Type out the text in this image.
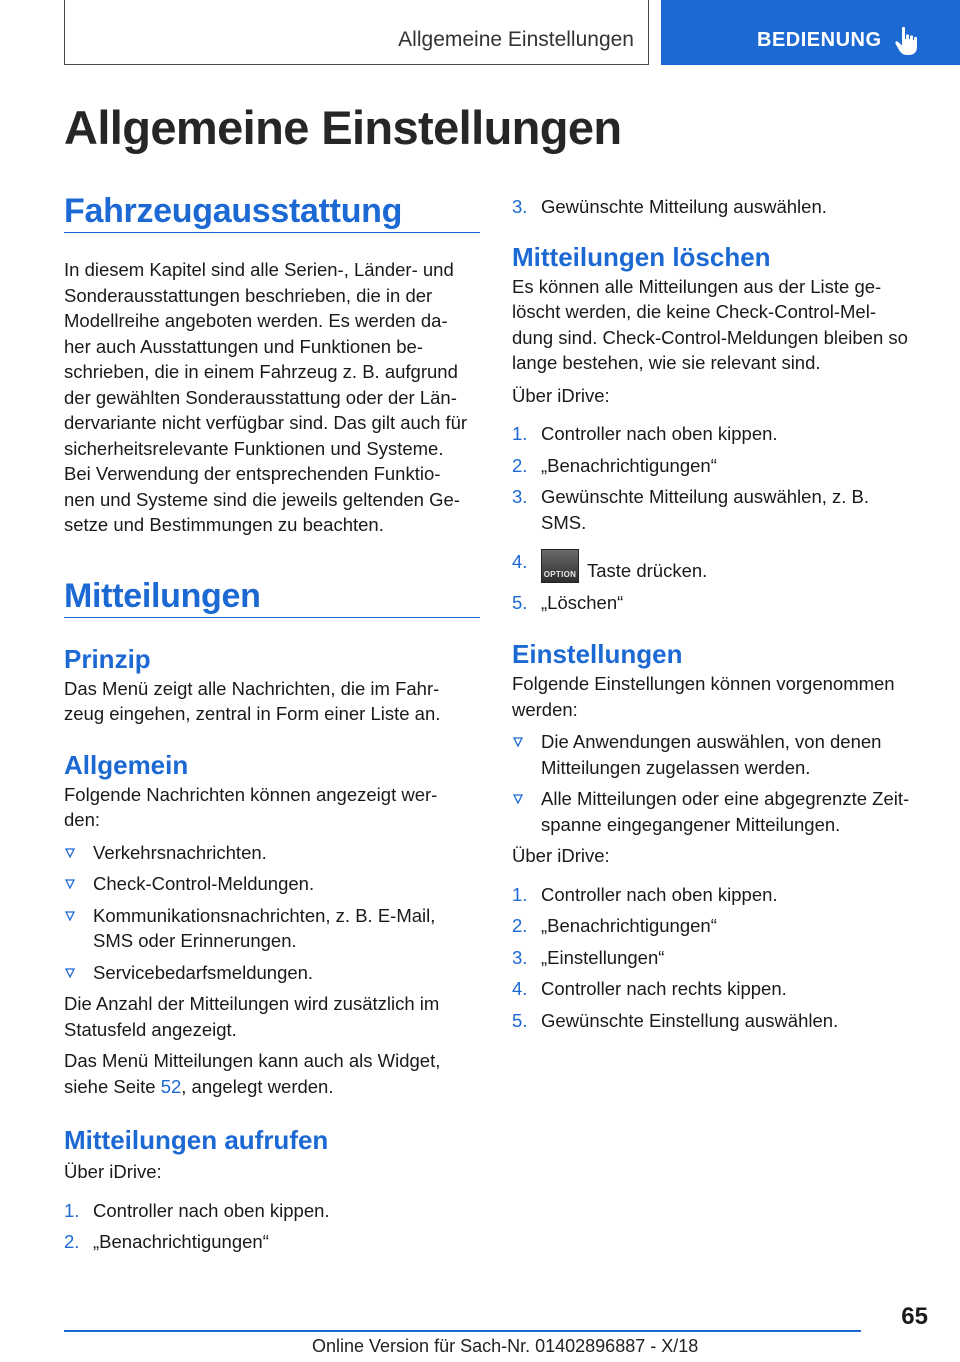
Allgemeine Einstellungen	BEDIENUNG
Allgemeine Einstellungen
Fahrzeugausstattung
In diesem Kapitel sind alle Serien-, Länder- und
Sonderausstattungen beschrieben, die in der
Modellreihe angeboten werden. Es werden da-
her auch Ausstattungen und Funktionen be-
schrieben, die in einem Fahrzeug z. B. aufgrund
der gewählten Sonderausstattung oder der Län-
dervariante nicht verfügbar sind. Das gilt auch für
sicherheitsrelevante Funktionen und Systeme.
Bei Verwendung der entsprechenden Funktio-
nen und Systeme sind die jeweils geltenden Ge-
setze und Bestimmungen zu beachten.
Mitteilungen
Prinzip
Das Menü zeigt alle Nachrichten, die im Fahr-
zeug eingehen, zentral in Form einer Liste an.
Allgemein
Folgende Nachrichten können angezeigt wer-
den:
Verkehrsnachrichten.
Check-Control-Meldungen.
Kommunikationsnachrichten, z. B. E-Mail,
SMS oder Erinnerungen.
Servicebedarfsmeldungen.
Die Anzahl der Mitteilungen wird zusätzlich im
Statusfeld angezeigt.
Das Menü Mitteilungen kann auch als Widget,
siehe Seite 52, angelegt werden.
Mitteilungen aufrufen
Über iDrive:
1. Controller nach oben kippen.
2. „Benachrichtigungen“
3. Gewünschte Mitteilung auswählen.
Mitteilungen löschen
Es können alle Mitteilungen aus der Liste ge-
löscht werden, die keine Check-Control-Mel-
dung sind. Check-Control-Meldungen bleiben so
lange bestehen, wie sie relevant sind.
Über iDrive:
1. Controller nach oben kippen.
2. „Benachrichtigungen“
3. Gewünschte Mitteilung auswählen, z. B.
SMS.
4.
OPTION Taste drücken.
5. „Löschen“
Einstellungen
Folgende Einstellungen können vorgenommen
werden:
Die Anwendungen auswählen, von denen
Mitteilungen zugelassen werden.
Alle Mitteilungen oder eine abgegrenzte Zeit-
spanne eingegangener Mitteilungen.
Über iDrive:
1. Controller nach oben kippen.
2. „Benachrichtigungen“
3. „Einstellungen“
4. Controller nach rechts kippen.
5. Gewünschte Einstellung auswählen.
65
Online Version für Sach-Nr. 01402896887 - X/18
